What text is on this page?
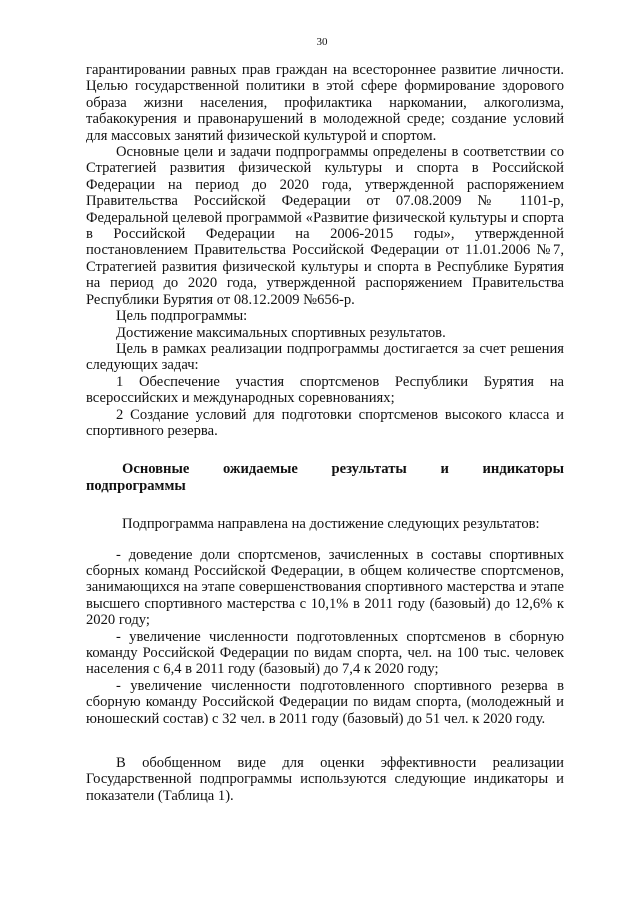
30

гарантировании равных прав граждан на всестороннее развитие личности. Целью государственной политики в этой сфере формирование здорового образа жизни населения, профилактика наркомании, алкоголизма, табакокурения и правонарушений в молодежной среде; создание условий для массовых занятий физической культурой и спортом.

Основные цели и задачи подпрограммы определены в соответствии со Стратегией развития физической культуры и спорта в Российской Федерации на период до 2020 года, утвержденной распоряжением Правительства Российской Федерации от 07.08.2009 № 1101-р, Федеральной целевой программой «Развитие физической культуры и спорта в Российской Федерации на 2006-2015 годы», утвержденной постановлением Правительства Российской Федерации от 11.01.2006 №7, Стратегией развития физической культуры и спорта в Республике Бурятия на период до 2020 года, утвержденной распоряжением Правительства Республики Бурятия от 08.12.2009 №656-р.

Цель подпрограммы:

Достижение максимальных спортивных результатов.

Цель в рамках реализации подпрограммы достигается за счет решения следующих задач:

1 Обеспечение участия спортсменов Республики Бурятия на всероссийских и международных соревнованиях;

2 Создание условий для подготовки спортсменов высокого класса и спортивного резерва.

Основные ожидаемые результаты и индикаторы
подпрограммы

Подпрограмма направлена на достижение следующих результатов:

- доведение доли спортсменов, зачисленных в составы спортивных сборных команд Российской Федерации, в общем количестве спортсменов, занимающихся на этапе совершенствования спортивного мастерства и этапе высшего спортивного мастерства с 10,1% в 2011 году (базовый) до 12,6% к 2020 году;

- увеличение численности подготовленных спортсменов в сборную команду Российской Федерации по видам спорта, чел. на 100 тыс. человек населения с 6,4 в 2011 году (базовый) до 7,4 к 2020 году;

- увеличение численности подготовленного спортивного резерва в сборную команду Российской Федерации по видам спорта, (молодежный и юношеский состав) с 32 чел. в 2011 году (базовый) до 51 чел. к 2020 году.

В обобщенном виде для оценки эффективности реализации Государственной подпрограммы используются следующие индикаторы и показатели (Таблица 1).
